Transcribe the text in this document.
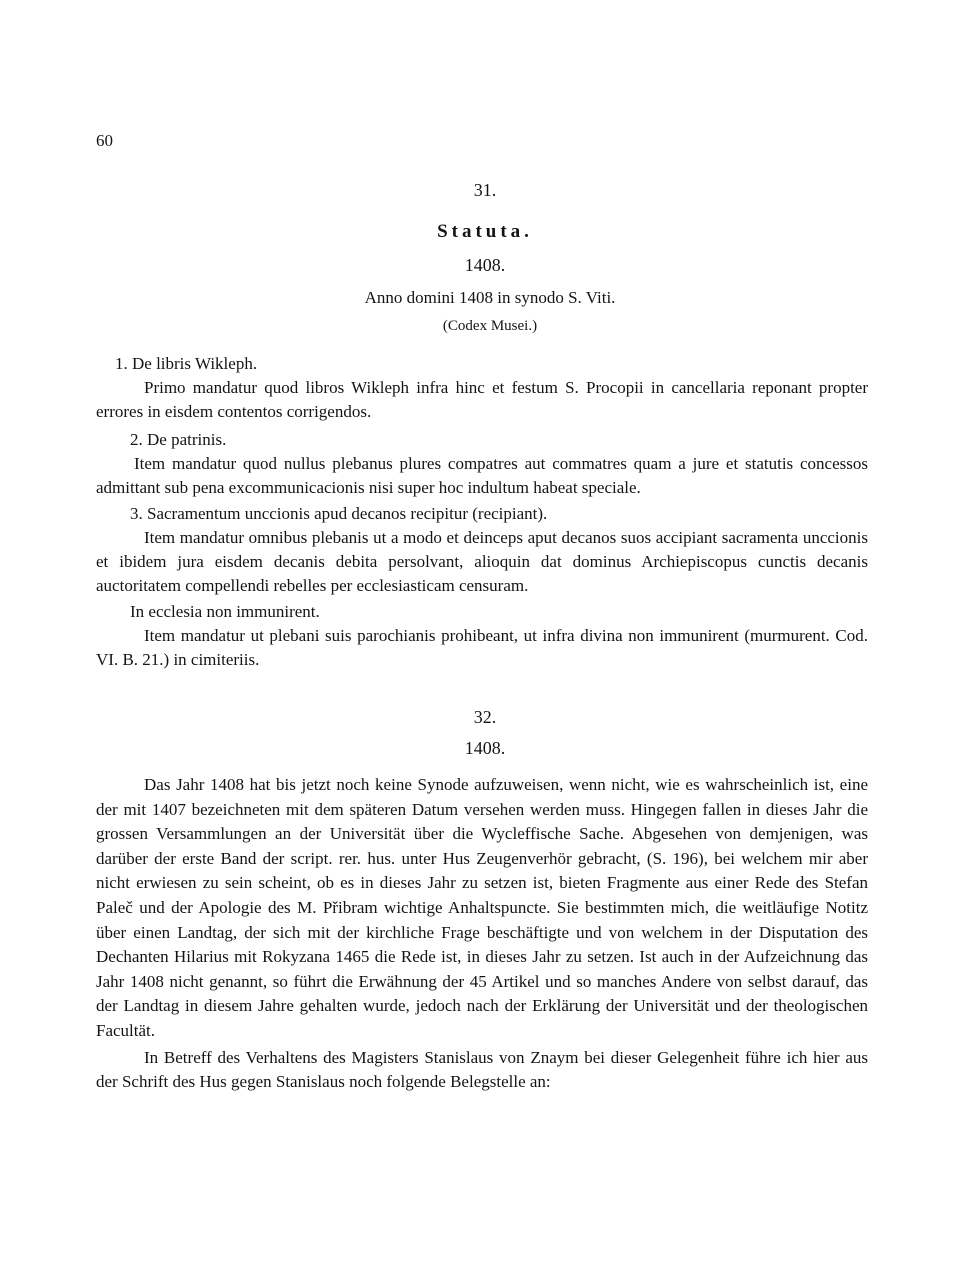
60
31.
Statuta.
1408.
Anno domini 1408 in synodo S. Viti.
(Codex Musei.)
1. De libris Wikleph.
Primo mandatur quod libros Wikleph infra hinc et festum S. Procopii in cancellaria reponant propter errores in eisdem contentos corrigendos.
2. De patrinis.
Item mandatur quod nullus plebanus plures compatres aut commatres quam a jure et statutis concessos admittant sub pena excommunicacionis nisi super hoc indultum habeat speciale.
3. Sacramentum unccionis apud decanos recipitur (recipiant).
Item mandatur omnibus plebanis ut a modo et deinceps aput decanos suos accipiant sacramenta unccionis et ibidem jura eisdem decanis debita persolvant, alioquin dat dominus Archiepiscopus cunctis decanis auctoritatem compellendi rebelles per ecclesiasticam censuram.
In ecclesia non immunirent.
Item mandatur ut plebani suis parochianis prohibeant, ut infra divina non immunirent (murmurent. Cod. VI. B. 21.) in cimiteriis.
32.
1408.
Das Jahr 1408 hat bis jetzt noch keine Synode aufzuweisen, wenn nicht, wie es wahrscheinlich ist, eine der mit 1407 bezeichneten mit dem späteren Datum versehen werden muss. Hingegen fallen in dieses Jahr die grossen Versammlungen an der Universität über die Wycleffische Sache. Abgesehen von demjenigen, was darüber der erste Band der script. rer. hus. unter Hus Zeugenverhör gebracht, (S. 196), bei welchem mir aber nicht erwiesen zu sein scheint, ob es in dieses Jahr zu setzen ist, bieten Fragmente aus einer Rede des Stefan Paleč und der Apologie des M. Přibram wichtige Anhaltspuncte. Sie bestimmten mich, die weitläufige Notitz über einen Landtag, der sich mit der kirchliche Frage beschäftigte und von welchem in der Disputation des Dechanten Hilarius mit Rokyzana 1465 die Rede ist, in dieses Jahr zu setzen. Ist auch in der Aufzeichnung das Jahr 1408 nicht genannt, so führt die Erwähnung der 45 Artikel und so manches Andere von selbst darauf, das der Landtag in diesem Jahre gehalten wurde, jedoch nach der Erklärung der Universität und der theologischen Facultät.
In Betreff des Verhaltens des Magisters Stanislaus von Znaym bei dieser Gelegenheit führe ich hier aus der Schrift des Hus gegen Stanislaus noch folgende Belegstelle an:
